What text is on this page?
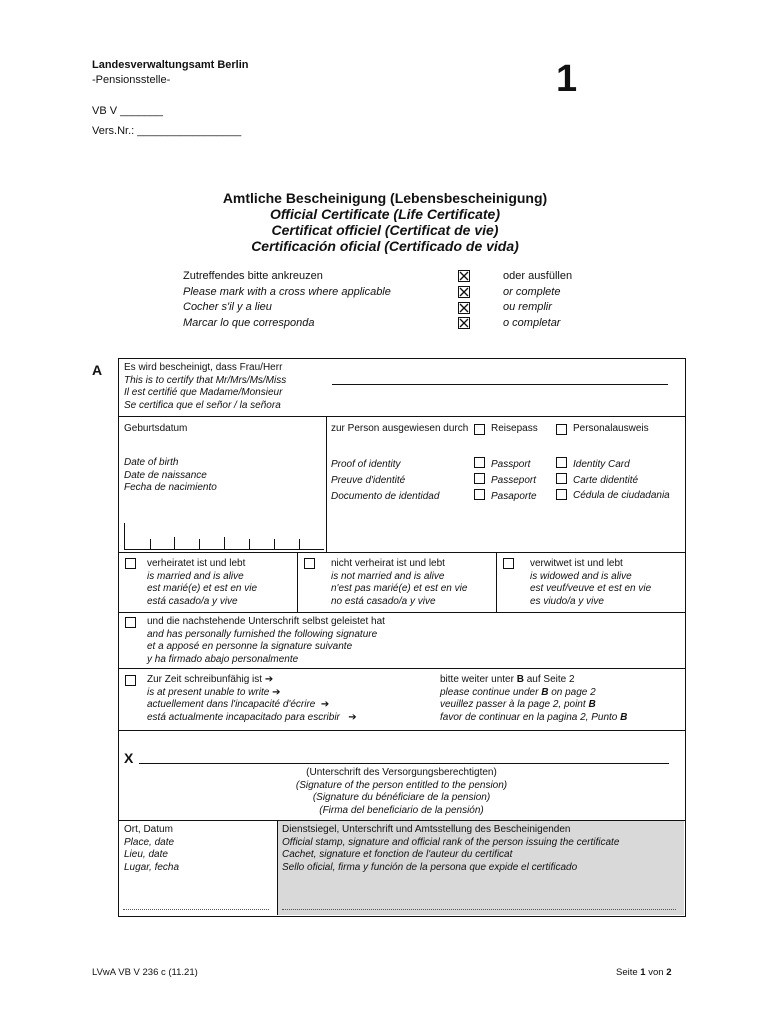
Landesverwaltungsamt Berlin
-Pensionsstelle-
VB V _______
Vers.Nr.: _________________
1
Amtliche Bescheinigung (Lebensbescheinigung)
Official Certificate (Life Certificate)
Certificat officiel (Certificat de vie)
Certificación oficial (Certificado de vida)
Zutreffendes bitte ankreuzen
Please mark with a cross where applicable
Cocher s'il y a lieu
Marcar lo que corresponda
oder ausfüllen
or complete
ou remplir
o completar
A Es wird bescheinigt, dass Frau/Herr
This is to certify that Mr/Mrs/Ms/Miss
Il est certifié que Madame/Monsieur
Se certifica que el señor / la señora
Geburtsdatum
Date of birth
Date de naissance
Fecha de nacimiento
zur Person ausgewiesen durch
Proof of identity
Preuve d'identité
Documento de identidad
Reisepass
Passport
Passeport
Pasaporte
Personalausweis
Identity Card
Carte didentité
Cédula de ciudadania
verheiratet ist und lebt
is married and is alive
est marié(e) et est en vie
está casado/a y vive
nicht verheirat ist und lebt
is not married and is alive
n'est pas marié(e) et est en vie
no está casado/a y vive
verwitwet ist und lebt
is widowed and is alive
est veuf/veuve et est en vie
es viudo/a y vive
und die nachstehende Unterschrift selbst geleistet hat
and has personally furnished the following signature
et a apposé en personne la signature suivante
y ha firmado abajo personalmente
Zur Zeit schreibunfähig ist ➔
is at present unable to write ➔
actuellement dans l'incapacité d'écrire ➔
está actualmente incapacitado para escribir ➔
bitte weiter unter B auf Seite 2
please continue under B on page 2
veuillez passer à la page 2, point B
favor de continuar en la pagina 2, Punto B
X
(Unterschrift des Versorgungsberechtigten)
(Signature of the person entitled to the pension)
(Signature du bénéficiare de la pension)
(Firma del beneficiario de la pensión)
Ort, Datum
Place, date
Lieu, date
Lugar, fecha
Dienstsiegel, Unterschrift und Amtsstellung des Bescheinigenden
Official stamp, signature and official rank of the person issuing the certificate
Cachet, signature et fonction de l'auteur du certificat
Sello oficial, firma y función de la persona que expide el certificado
LVwA VB V 236 c (11.21)	Seite 1 von 2
